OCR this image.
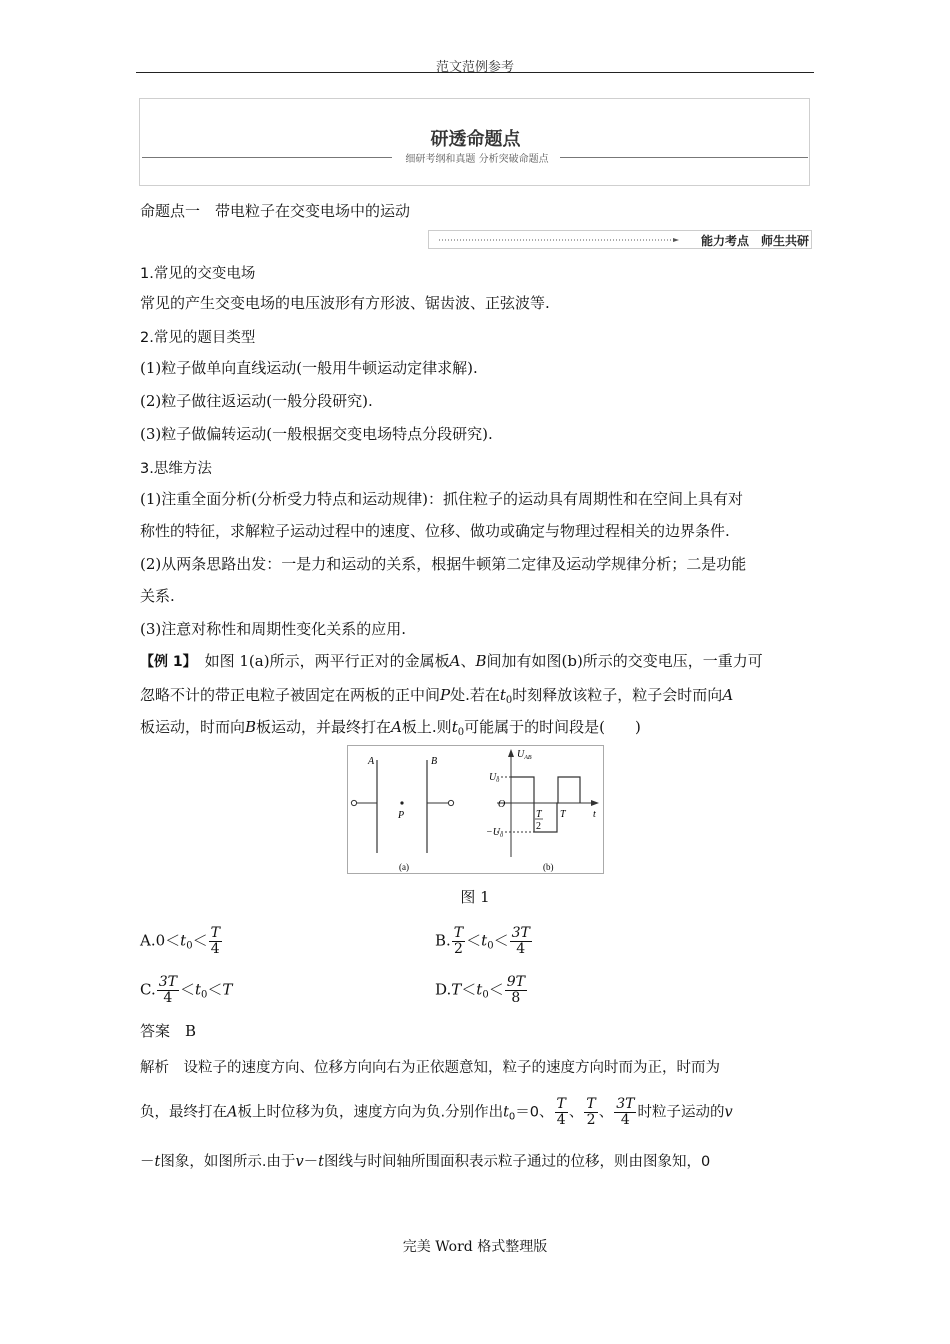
范文范例参考
研透命题点
细研考纲和真题 分析突破命题点
命题点一　带电粒子在交变电场中的运动
能力考点　师生共研
1.常见的交变电场
常见的产生交变电场的电压波形有方形波、锯齿波、正弦波等.
2.常见的题目类型
(1)粒子做单向直线运动(一般用牛顿运动定律求解).
(2)粒子做往返运动(一般分段研究).
(3)粒子做偏转运动(一般根据交变电场特点分段研究).
3.思维方法
(1)注重全面分析(分析受力特点和运动规律)：抓住粒子的运动具有周期性和在空间上具有对
称性的特征，求解粒子运动过程中的速度、位移、做功或确定与物理过程相关的边界条件.
(2)从两条思路出发：一是力和运动的关系，根据牛顿第二定律及运动学规律分析；二是功能
关系.
(3)注意对称性和周期性变化关系的应用.
【例 1】　如图 1(a)所示，两平行正对的金属板A、B间加有如图(b)所示的交变电压，一重力可
忽略不计的带正电粒子被固定在两板的正中间P处.若在$t_0$时刻释放该粒子，粒子会时而向A
板运动，时而向B板运动，并最终打在A板上.则$t_0$可能属于的时间段是(　　)
A	B
P
(a)
$U_{AB}$
$U_0$
$-U_0$
O
t
T
2
T
(b)
图 1
$A.0<t_0< \frac{T}{4}$	B. $\frac{T}{2} <t_0< \frac{3T}{4}$
C. $\frac{3T}{4} <t_0<T$	$D.T<t_0< \frac{9T}{8}$
答案　 B
解析　 设粒子的速度方向、位移方向向右为正依题意知，粒子的速度方向时而为正，时而为
负，最终打在A板上时位移为负，速度方向为负.分别作出$t_0=0$、 $\frac{T}{4}$ 、 $\frac{T}{2}$ 、 $\frac{3T}{4}$ 时粒子运动的v
－t图象，如图所示.由于v－t图线与时间轴所围面积表示粒子通过的位移，则由图象知，0
完美 Word 格式整理版
